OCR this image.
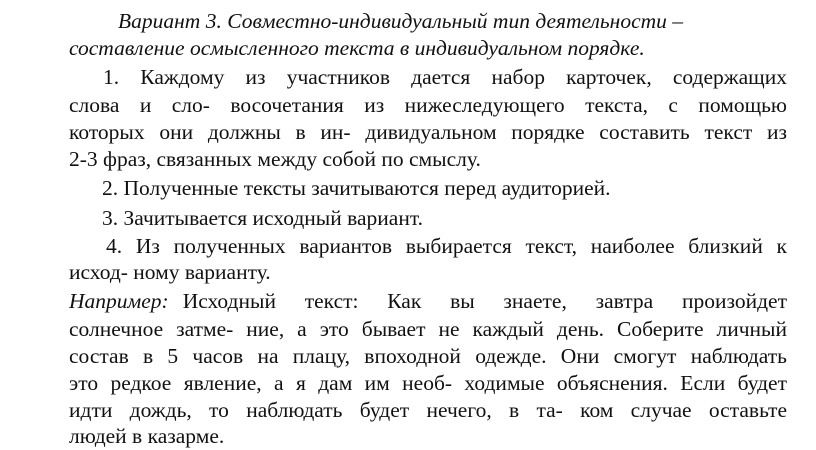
Вариант 3. Совместно-индивидуальный тип деятельности –
составление осмысленного текста в индивидуальном порядке.
1. Каждому из участников дается набор карточек, содержащих
слова и сло- восочетания из нижеследующего текста, с помощью
которых они должны в ин- дивидуальном порядке составить текст из
2-3 фраз, связанных между собой по смыслу.
2. Полученные тексты зачитываются перед аудиторией.
3. Зачитывается исходный вариант.
4. Из полученных вариантов выбирается текст, наиболее близкий к
исход- ному варианту.
Например: Исходный текст: Как вы знаете, завтра произойдет
солнечное затме- ние, а это бывает не каждый день. Соберите личный
состав в 5 часов на плацу, впоходной одежде. Они смогут наблюдать
это редкое явление, а я дам им необ- ходимые объяснения. Если будет
идти дождь, то наблюдать будет нечего, в та- ком случае оставьте
людей в казарме.
